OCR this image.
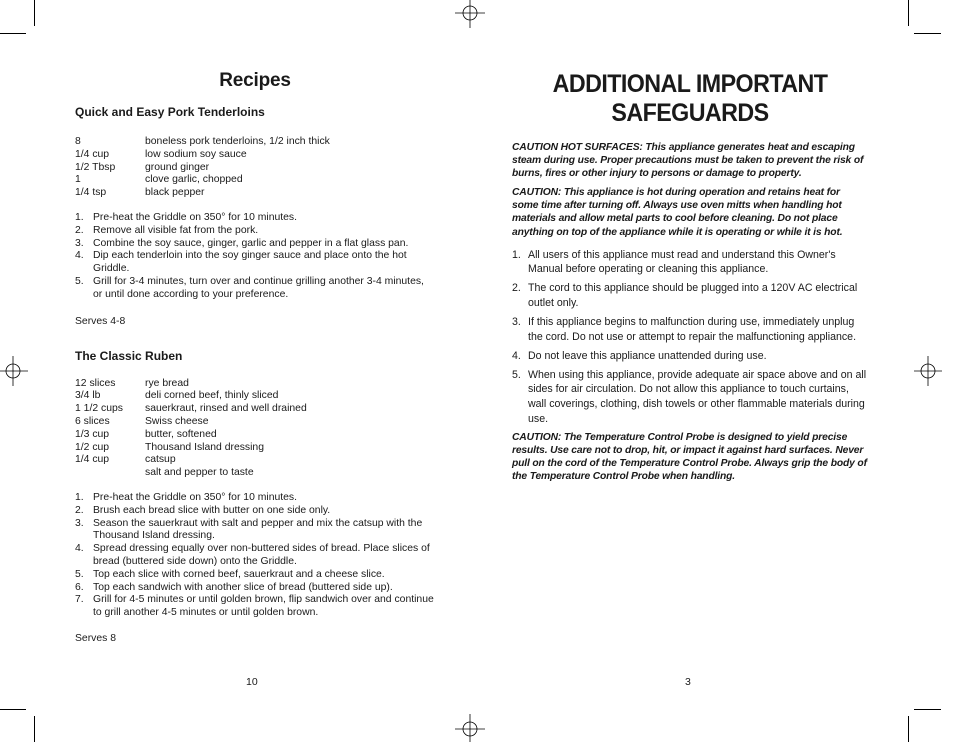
Recipes
Quick and Easy Pork Tenderloins
8	boneless pork tenderloins, 1/2 inch thick
1/4 cup	low sodium soy sauce
1/2 Tbsp	ground ginger
1	clove garlic, chopped
1/4 tsp	black pepper
1. Pre-heat the Griddle on 350° for 10 minutes.
2. Remove all visible fat from the pork.
3. Combine the soy sauce, ginger, garlic and pepper in a flat glass pan.
4. Dip each tenderloin into the soy ginger sauce and place onto the hot Griddle.
5. Grill for 3-4 minutes, turn over and continue grilling another 3-4 minutes, or until done according to your preference.
Serves 4-8
The Classic Ruben
12 slices	rye bread
3/4 lb	deli corned beef, thinly sliced
1 1/2 cups	sauerkraut, rinsed and well drained
6 slices	Swiss cheese
1/3 cup	butter, softened
1/2 cup	Thousand Island dressing
1/4 cup	catsup
salt and pepper to taste
1. Pre-heat the Griddle on 350° for 10 minutes.
2. Brush each bread slice with butter on one side only.
3. Season the sauerkraut with salt and pepper and mix the catsup with the Thousand Island dressing.
4. Spread dressing equally over non-buttered sides of bread. Place slices of bread (buttered side down) onto the Griddle.
5. Top each slice with corned beef, sauerkraut and a cheese slice.
6. Top each sandwich with another slice of bread (buttered side up).
7. Grill for 4-5 minutes or until golden brown, flip sandwich over and continue to grill another 4-5 minutes or until golden brown.
Serves 8
10
ADDITIONAL IMPORTANT
SAFEGUARDS

CAUTION HOT SURFACES: This appliance generates heat and escaping steam during use. Proper precautions must be taken to prevent the risk of burns, fires or other injury to persons or damage to property.

CAUTION: This appliance is hot during operation and retains heat for some time after turning off. Always use oven mitts when handling hot materials and allow metal parts to cool before cleaning. Do not place anything on top of the appliance while it is operating or while it is hot.

1. All users of this appliance must read and understand this Owner's Manual before operating or cleaning this appliance.
2. The cord to this appliance should be plugged into a 120V AC electrical outlet only.
3. If this appliance begins to malfunction during use, immediately unplug the cord. Do not use or attempt to repair the malfunctioning appliance.
4. Do not leave this appliance unattended during use.
5. When using this appliance, provide adequate air space above and on all sides for air circulation. Do not allow this appliance to touch curtains, wall coverings, clothing, dish towels or other flammable materials during use.

CAUTION: The Temperature Control Probe is designed to yield precise results. Use care not to drop, hit, or impact it against hard surfaces. Never pull on the cord of the Temperature Control Probe. Always grip the body of the Temperature Control Probe when handling.

3
